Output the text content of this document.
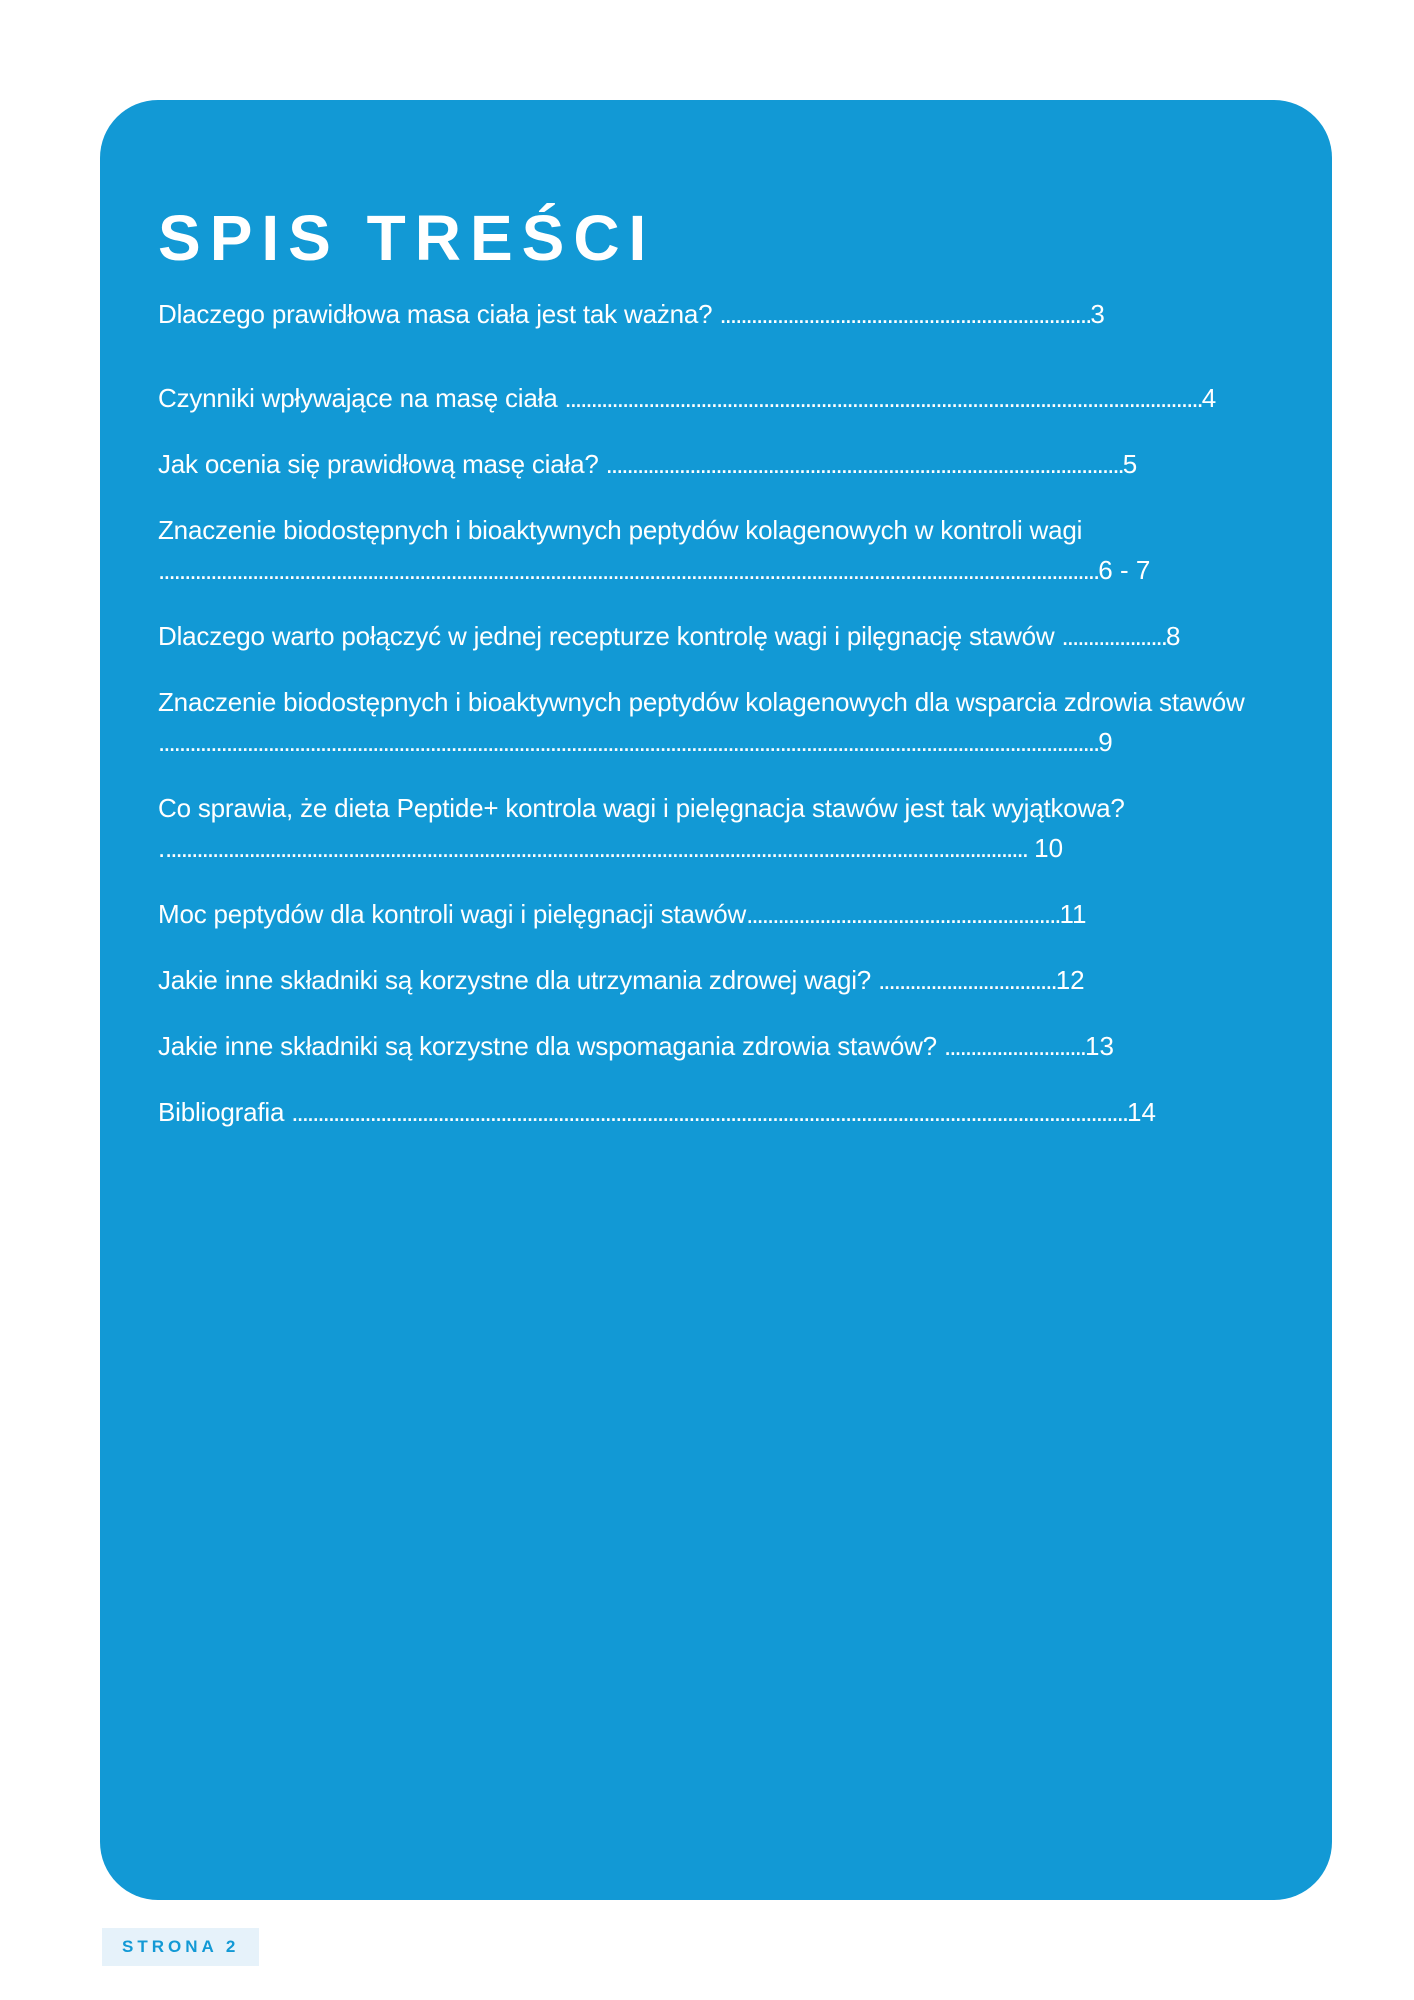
SPIS TREŚCI

Dlaczego prawidłowa masa ciała jest tak ważna? .......................................................................3

Czynniki wpływające na masę ciała ..........................................................................................................................4

Jak ocenia się prawidłową masę ciała? ...................................................................................................5

Znaczenie biodostępnych i bioaktywnych peptydów kolagenowych w kontroli wagi ....................................................................................................................................................................................6 - 7

Dlaczego warto połączyć w jednej recepturze kontrolę wagi i pilęgnację stawów ....................8

Znaczenie biodostępnych i bioaktywnych peptydów kolagenowych dla wsparcia zdrowia stawów ....................................................................................................................................................................................9

Co sprawia, że dieta Peptide+ kontrola wagi i pielęgnacja stawów jest tak wyjątkowa? ...................................................................................................................................................................... 10

Moc peptydów dla kontroli wagi i pielęgnacji stawów............................................................11

Jakie inne składniki są korzystne dla utrzymania zdrowej wagi? ..................................12

Jakie inne składniki są korzystne dla wspomagania zdrowia stawów? ...........................13

Bibliografia ................................................................................................................................................................14

STRONA 2
